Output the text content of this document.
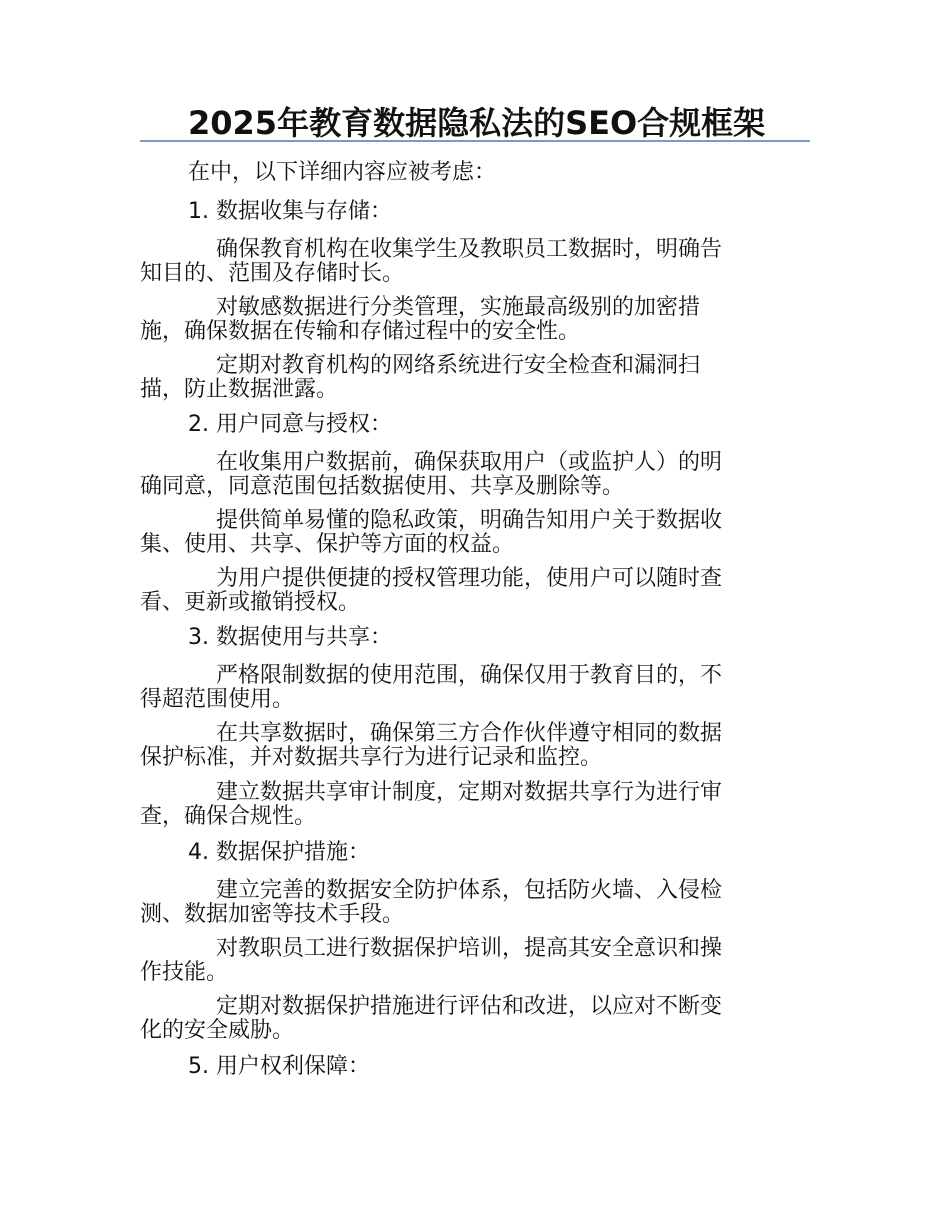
2025年教育数据隐私法的SEO合规框架
在中，以下详细内容应被考虑：
1. 数据收集与存储：
确保教育机构在收集学生及教职员工数据时，明确告
知目的、范围及存储时长。
对敏感数据进行分类管理，实施最高级别的加密措
施，确保数据在传输和存储过程中的安全性。
定期对教育机构的网络系统进行安全检查和漏洞扫
描，防止数据泄露。
2. 用户同意与授权：
在收集用户数据前，确保获取用户（或监护人）的明
确同意，同意范围包括数据使用、共享及删除等。
提供简单易懂的隐私政策，明确告知用户关于数据收
集、使用、共享、保护等方面的权益。
为用户提供便捷的授权管理功能，使用户可以随时查
看、更新或撤销授权。
3. 数据使用与共享：
严格限制数据的使用范围，确保仅用于教育目的，不
得超范围使用。
在共享数据时，确保第三方合作伙伴遵守相同的数据
保护标准，并对数据共享行为进行记录和监控。
建立数据共享审计制度，定期对数据共享行为进行审
查，确保合规性。
4. 数据保护措施：
建立完善的数据安全防护体系，包括防火墙、入侵检
测、数据加密等技术手段。
对教职员工进行数据保护培训，提高其安全意识和操
作技能。
定期对数据保护措施进行评估和改进，以应对不断变
化的安全威胁。
5. 用户权利保障：
